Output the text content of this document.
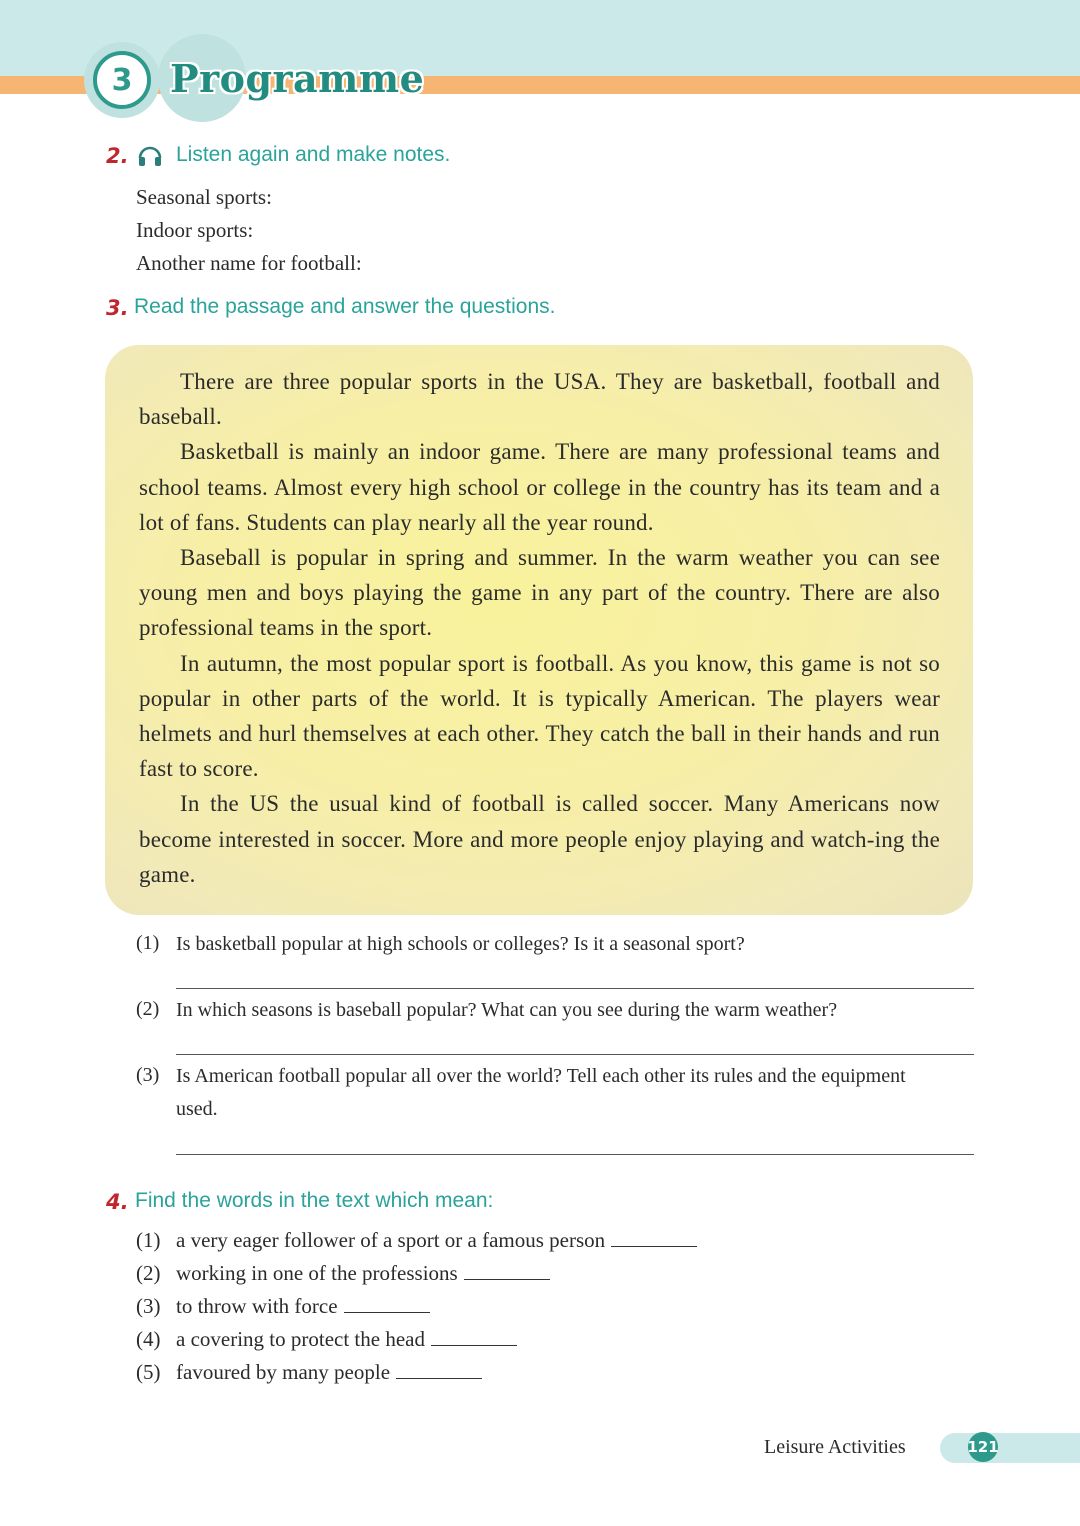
3 Programme
2. Listen again and make notes.
Seasonal sports:
Indoor sports:
Another name for football:
3. Read the passage and answer the questions.

There are three popular sports in the USA. They are basketball, football and baseball.

Basketball is mainly an indoor game. There are many professional teams and school teams. Almost every high school or college in the country has its team and a lot of fans. Students can play nearly all the year round.

Baseball is popular in spring and summer. In the warm weather you can see young men and boys playing the game in any part of the country. There are also professional teams in the sport.

In autumn, the most popular sport is football. As you know, this game is not so popular in other parts of the world. It is typically American. The players wear helmets and hurl themselves at each other. They catch the ball in their hands and run fast to score.

In the US the usual kind of football is called soccer. Many Americans now become interested in soccer. More and more people enjoy playing and watch-ing the game.

(1) Is basketball popular at high schools or colleges? Is it a seasonal sport?
(2) In which seasons is baseball popular? What can you see during the warm weather?
(3) Is American football popular all over the world? Tell each other its rules and the equipment used.
4. Find the words in the text which mean:
(1) a very eager follower of a sport or a famous person
(2) working in one of the professions
(3) to throw with force
(4) a covering to protect the head
(5) favoured by many people
Leisure Activities	121
